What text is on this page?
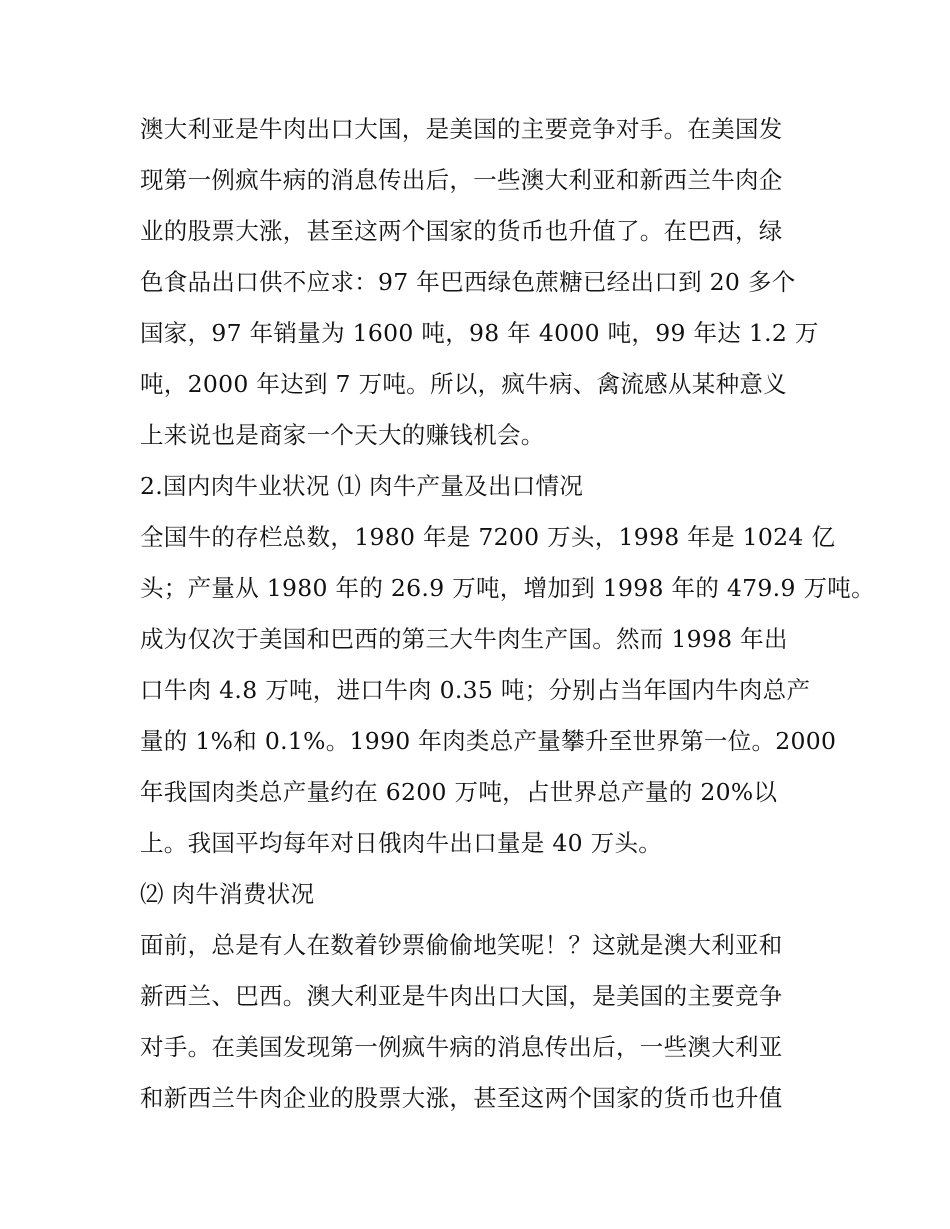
澳大利亚是牛肉出口大国，是美国的主要竞争对手。在美国发
现第一例疯牛病的消息传出后，一些澳大利亚和新西兰牛肉企
业的股票大涨，甚至这两个国家的货币也升值了。在巴西，绿
色食品出口供不应求：97 年巴西绿色蔗糖已经出口到 20 多个
国家，97 年销量为 1600 吨，98 年 4000 吨，99 年达 1.2 万
吨，2000 年达到 7 万吨。所以，疯牛病、禽流感从某种意义
上来说也是商家一个天大的赚钱机会。
2.国内肉牛业状况 ⑴ 肉牛产量及出口情况
全国牛的存栏总数，1980 年是 7200 万头，1998 年是 1024 亿
头；产量从 1980 年的 26.9 万吨，增加到 1998 年的 479.9 万吨。
成为仅次于美国和巴西的第三大牛肉生产国。然而 1998 年出
口牛肉 4.8 万吨，进口牛肉 0.35 吨；分别占当年国内牛肉总产
量的 1%和 0.1%。1990 年肉类总产量攀升至世界第一位。2000
年我国肉类总产量约在 6200 万吨，占世界总产量的 20%以
上。我国平均每年对日俄肉牛出口量是 40 万头。
⑵ 肉牛消费状况
面前，总是有人在数着钞票偷偷地笑呢！？这就是澳大利亚和
新西兰、巴西。澳大利亚是牛肉出口大国，是美国的主要竞争
对手。在美国发现第一例疯牛病的消息传出后，一些澳大利亚
和新西兰牛肉企业的股票大涨，甚至这两个国家的货币也升值
